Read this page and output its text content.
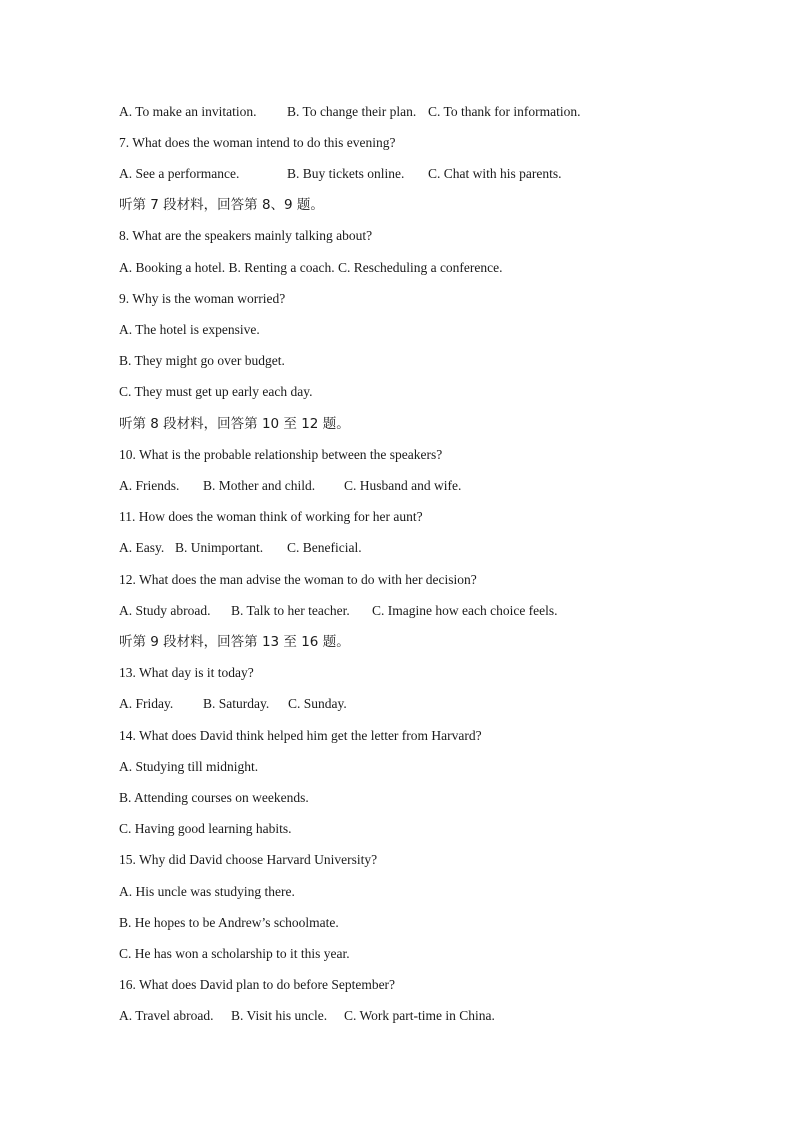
A. To make an invitation. B. To change their plan. C. To thank for information.
7. What does the woman intend to do this evening?
A. See a performance.	B. Buy tickets online. C. Chat with his parents.
听第 7 段材料，回答第 8、9 题。
8. What are the speakers mainly talking about?
A. Booking a hotel. B. Renting a coach. C. Rescheduling a conference.
9. Why is the woman worried?
A. The hotel is expensive.
B. They might go over budget.
C. They must get up early each day.
听第 8 段材料，回答第 10 至 12 题。
10. What is the probable relationship between the speakers?
A. Friends. B. Mother and child. C. Husband and wife.
11. How does the woman think of working for her aunt?
A. Easy. B. Unimportant. C. Beneficial.
12. What does the man advise the woman to do with her decision?
A. Study abroad. B. Talk to her teacher. C. Imagine how each choice feels.
听第 9 段材料，回答第 13 至 16 题。
13. What day is it today?
A. Friday. B. Saturday. C. Sunday.
14. What does David think helped him get the letter from Harvard?
A. Studying till midnight.
B. Attending courses on weekends.
C. Having good learning habits.
15. Why did David choose Harvard University?
A. His uncle was studying there.
B. He hopes to be Andrew’s schoolmate.
C. He has won a scholarship to it this year.
16. What does David plan to do before September?
A. Travel abroad. B. Visit his uncle. C. Work part-time in China.
